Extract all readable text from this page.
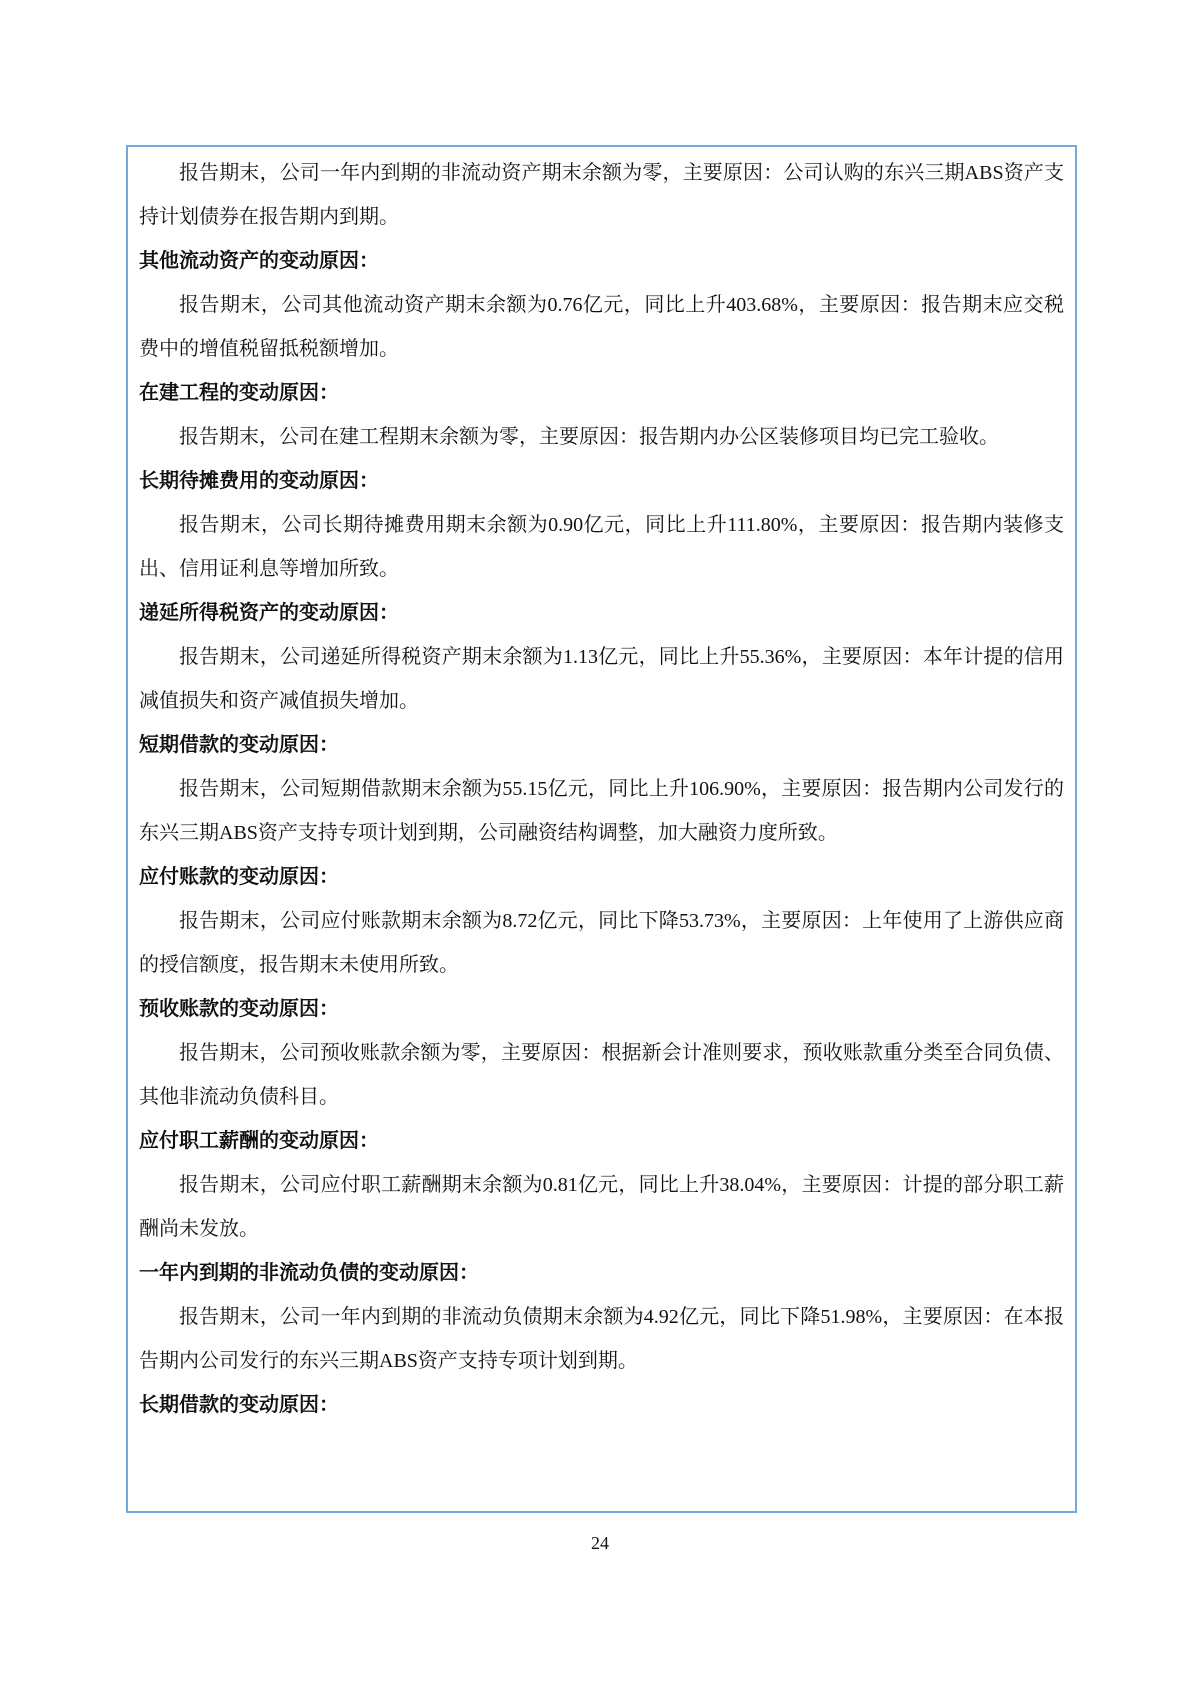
报告期末，公司一年内到期的非流动资产期末余额为零，主要原因：公司认购的东兴三期ABS资产支持计划债券在报告期内到期。

其他流动资产的变动原因：

报告期末，公司其他流动资产期末余额为0.76亿元，同比上升403.68%，主要原因：报告期末应交税费中的增值税留抵税额增加。

在建工程的变动原因：

报告期末，公司在建工程期末余额为零，主要原因：报告期内办公区装修项目均已完工验收。

长期待摊费用的变动原因：

报告期末，公司长期待摊费用期末余额为0.90亿元，同比上升111.80%，主要原因：报告期内装修支出、信用证利息等增加所致。

递延所得税资产的变动原因：

报告期末，公司递延所得税资产期末余额为1.13亿元，同比上升55.36%，主要原因：本年计提的信用减值损失和资产减值损失增加。

短期借款的变动原因：

报告期末，公司短期借款期末余额为55.15亿元，同比上升106.90%，主要原因：报告期内公司发行的东兴三期ABS资产支持专项计划到期，公司融资结构调整，加大融资力度所致。

应付账款的变动原因：

报告期末，公司应付账款期末余额为8.72亿元，同比下降53.73%，主要原因：上年使用了上游供应商的授信额度，报告期末未使用所致。

预收账款的变动原因：

报告期末，公司预收账款余额为零，主要原因：根据新会计准则要求，预收账款重分类至合同负债、其他非流动负债科目。

应付职工薪酬的变动原因：

报告期末，公司应付职工薪酬期末余额为0.81亿元，同比上升38.04%，主要原因：计提的部分职工薪酬尚未发放。

一年内到期的非流动负债的变动原因：

报告期末，公司一年内到期的非流动负债期末余额为4.92亿元，同比下降51.98%，主要原因：在本报告期内公司发行的东兴三期ABS资产支持专项计划到期。

长期借款的变动原因：

24
